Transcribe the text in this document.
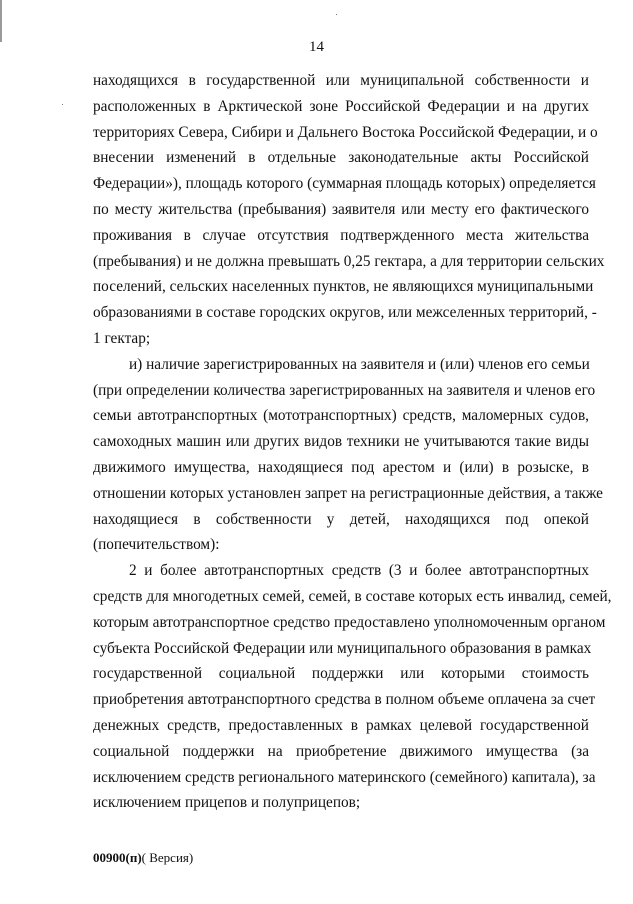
14

находящихся в государственной или муниципальной собственности и
расположенных в Арктической зоне Российской Федерации и на других
территориях Севера, Сибири и Дальнего Востока Российской Федерации, и о
внесении изменений в отдельные законодательные акты Российской
Федерации»), площадь которого (суммарная площадь которых) определяется
по месту жительства (пребывания) заявителя или месту его фактического
проживания в случае отсутствия подтвержденного места жительства
(пребывания) и не должна превышать 0,25 гектара, а для территории сельских
поселений, сельских населенных пунктов, не являющихся муниципальными
образованиями в составе городских округов, или межселенных территорий, -
1 гектар;

и) наличие зарегистрированных на заявителя и (или) членов его семьи
(при определении количества зарегистрированных на заявителя и членов его
семьи автотранспортных (мототранспортных) средств, маломерных судов,
самоходных машин или других видов техники не учитываются такие виды
движимого имущества, находящиеся под арестом и (или) в розыске, в
отношении которых установлен запрет на регистрационные действия, а также
находящиеся в собственности у детей, находящихся под опекой
(попечительством):

2 и более автотранспортных средств (3 и более автотранспортных
средств для многодетных семей, семей, в составе которых есть инвалид, семей,
которым автотранспортное средство предоставлено уполномоченным органом
субъекта Российской Федерации или муниципального образования в рамках
государственной социальной поддержки или которыми стоимость
приобретения автотранспортного средства в полном объеме оплачена за счет
денежных средств, предоставленных в рамках целевой государственной
социальной поддержки на приобретение движимого имущества (за
исключением средств регионального материнского (семейного) капитала), за
исключением прицепов и полуприцепов;

00900(п)( Версия)
